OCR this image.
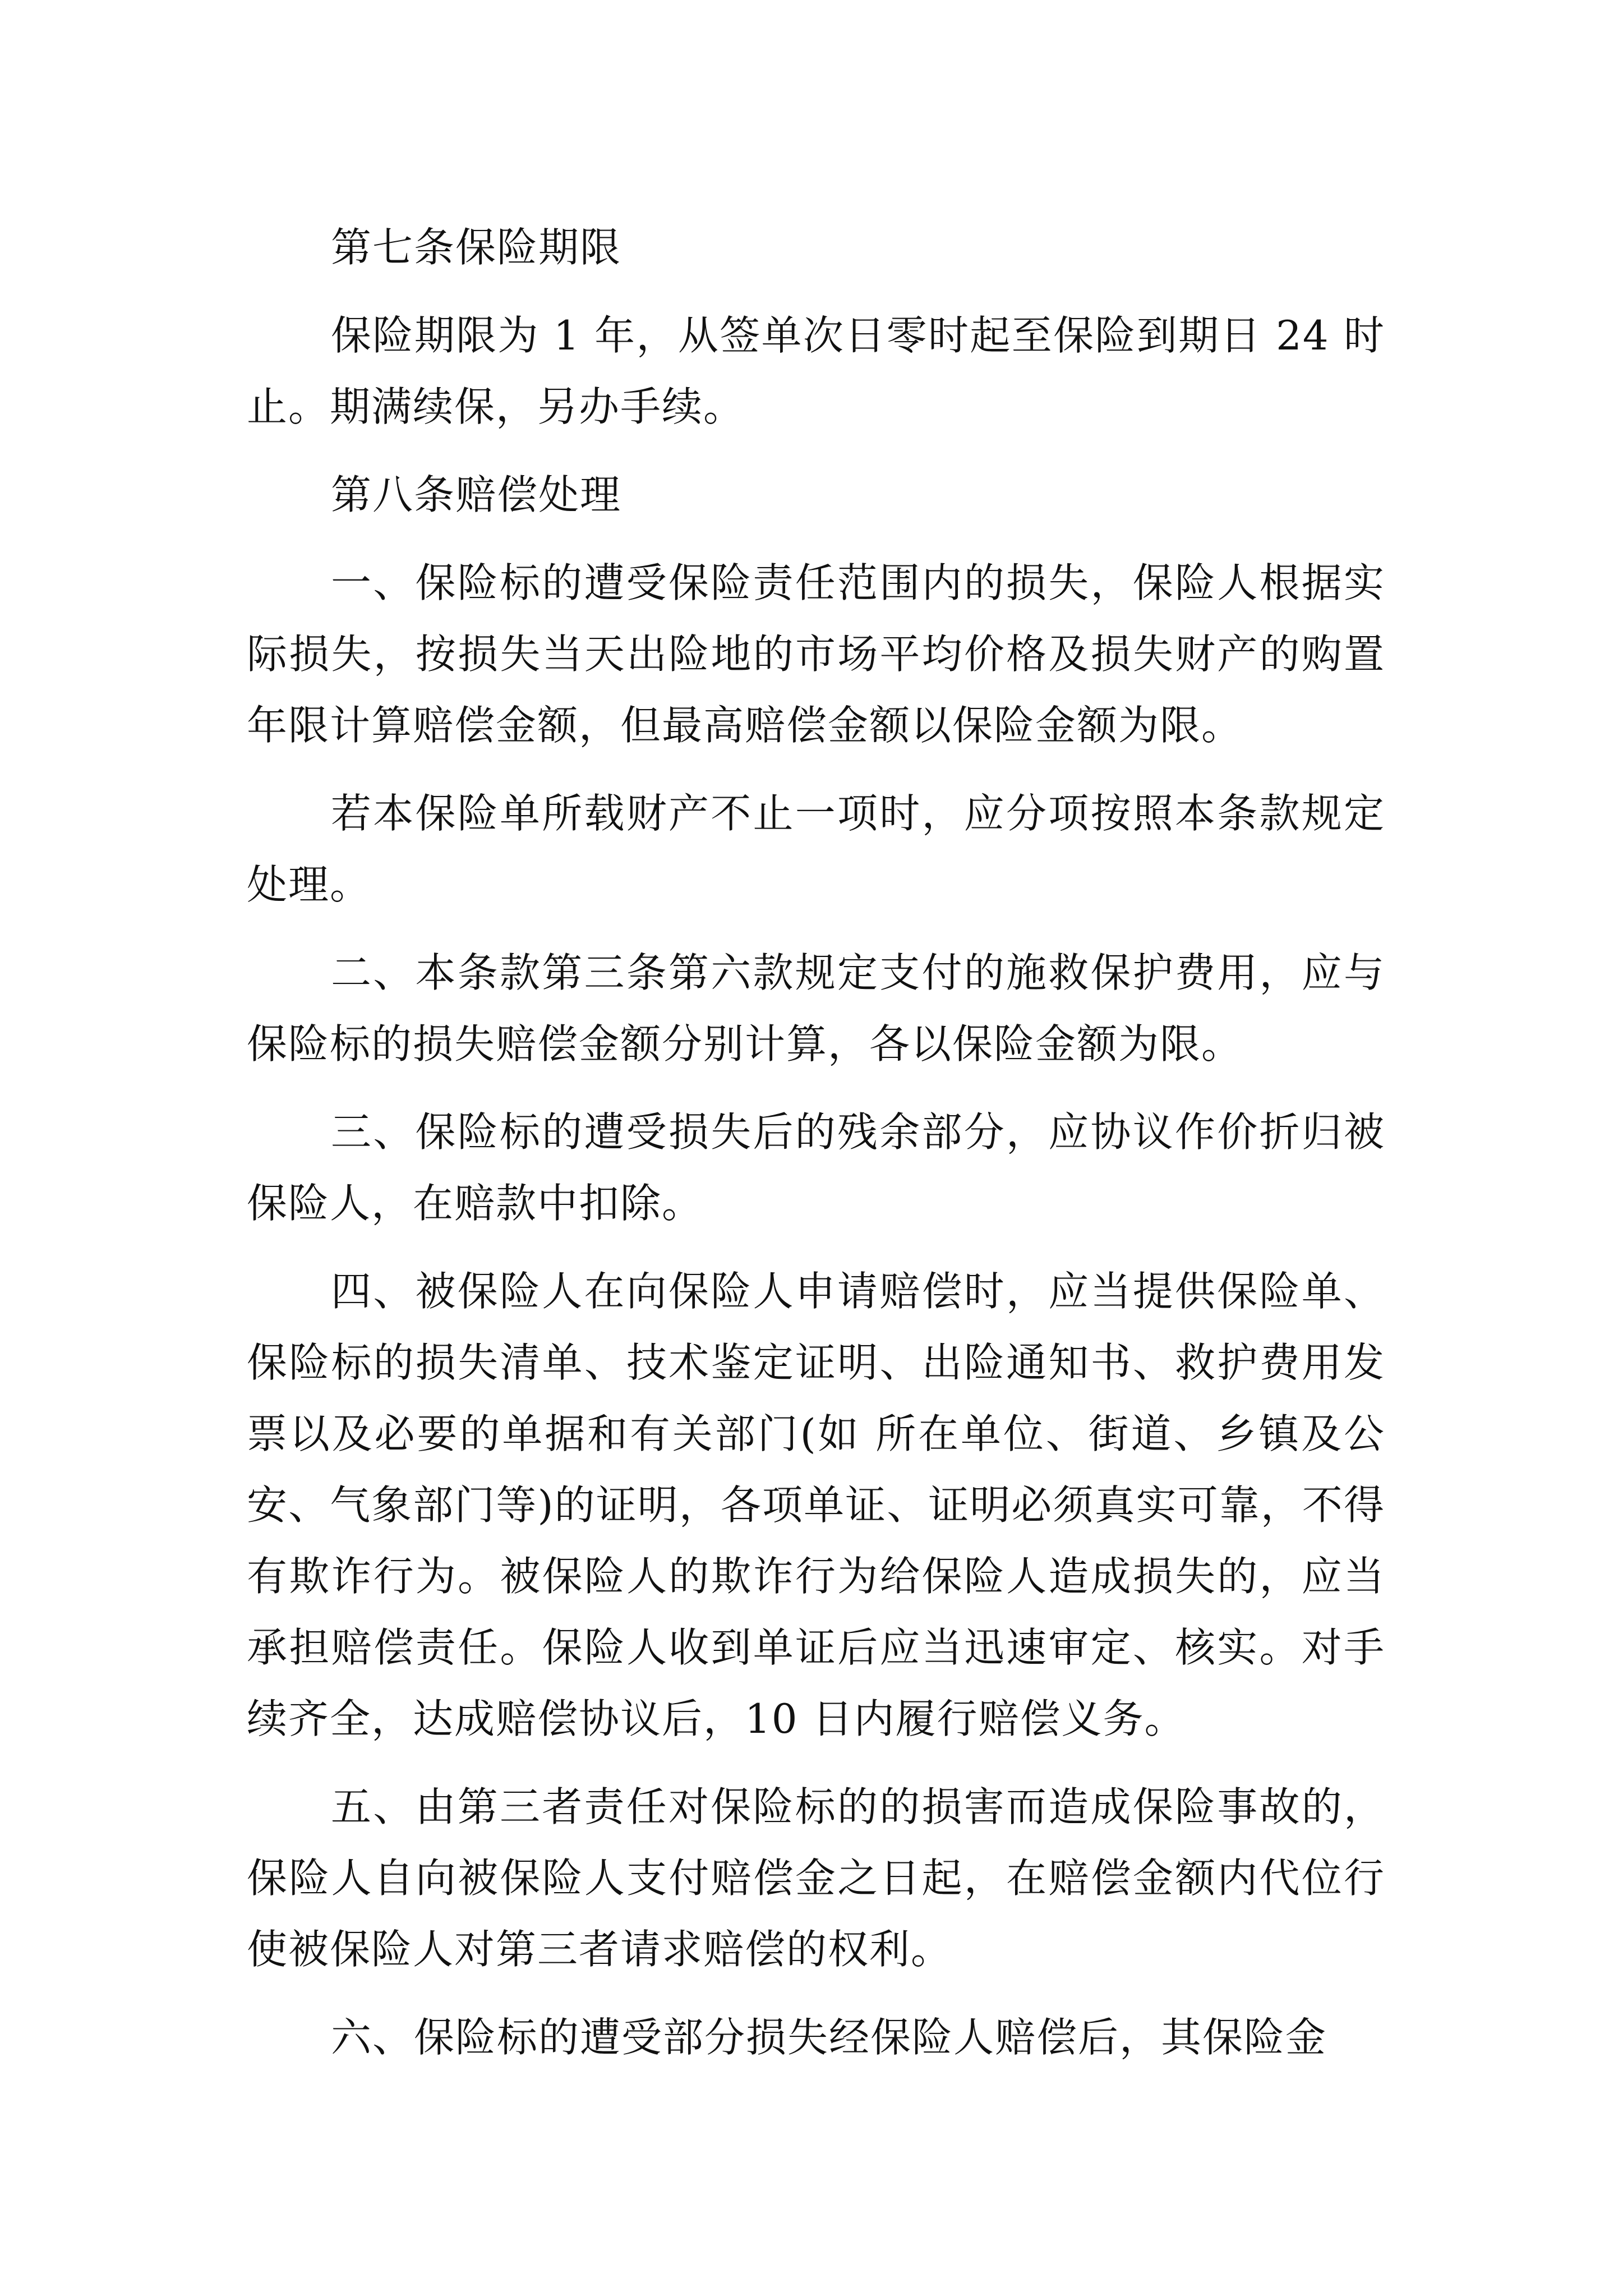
第七条保险期限

保险期限为 1 年，从签单次日零时起至保险到期日 24 时止。期满续保，另办手续。

第八条赔偿处理

一、保险标的遭受保险责任范围内的损失，保险人根据实际损失，按损失当天出险地的市场平均价格及损失财产的购置年限计算赔偿金额，但最高赔偿金额以保险金额为限。

若本保险单所载财产不止一项时，应分项按照本条款规定处理。

二、本条款第三条第六款规定支付的施救保护费用，应与保险标的损失赔偿金额分别计算，各以保险金额为限。

三、保险标的遭受损失后的残余部分，应协议作价折归被保险人，在赔款中扣除。

四、被保险人在向保险人申请赔偿时，应当提供保险单、保险标的损失清单、技术鉴定证明、出险通知书、救护费用发票以及必要的单据和有关部门(如 所在单位、街道、乡镇及公安、气象部门等)的证明，各项单证、证明必须真实可靠，不得有欺诈行为。被保险人的欺诈行为给保险人造成损失的，应当承担赔偿责任。保险人收到单证后应当迅速审定、核实。对手续齐全，达成赔偿协议后，10 日内履行赔偿义务。

五、由第三者责任对保险标的的损害而造成保险事故的，保险人自向被保险人支付赔偿金之日起，在赔偿金额内代位行使被保险人对第三者请求赔偿的权利。

六、保险标的遭受部分损失经保险人赔偿后，其保险金
